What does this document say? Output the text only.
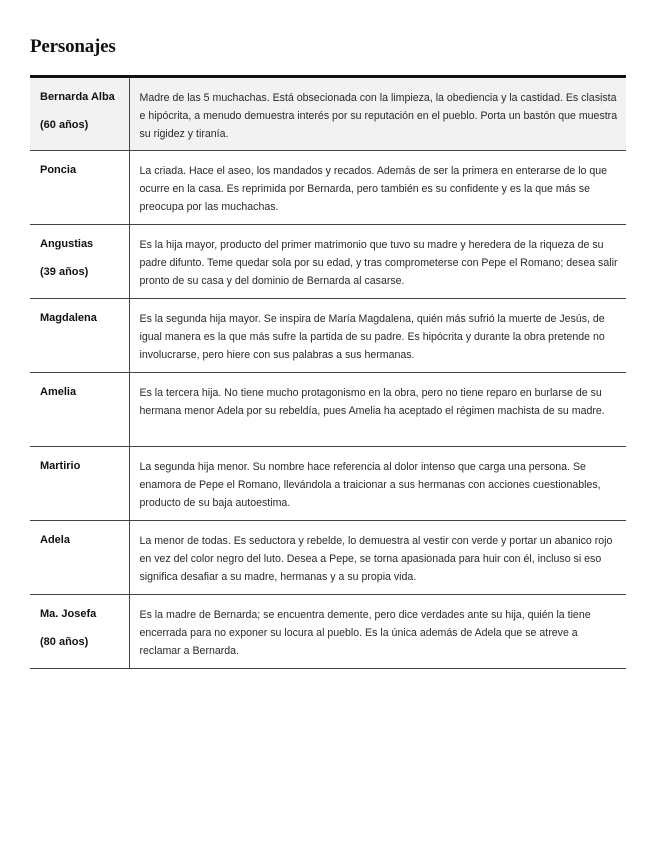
Personajes
Bernarda Alba
(60 años)	Madre de las 5 muchachas. Está obsecionada con la limpieza, la obediencia y la castidad. Es clasista e hipócrita, a menudo demuestra interés por su reputación en el pueblo. Porta un bastón que muestra su rigidez y tiranía.
Poncia	La criada. Hace el aseo, los mandados y recados. Además de ser la primera en enterarse de lo que ocurre en la casa. Es reprimida por Bernarda, pero también es su confidente y es la que más se preocupa por las muchachas.
Angustias
(39 años)	Es la hija mayor, producto del primer matrimonio que tuvo su madre y heredera de la riqueza de su padre difunto. Teme quedar sola por su edad, y tras comprometerse con Pepe el Romano; desea salir pronto de su casa y del dominio de Bernarda al casarse.
Magdalena	Es la segunda hija mayor. Se inspira de María Magdalena, quién más sufrió la muerte de Jesús, de igual manera es la que más sufre la partida de su padre. Es hipócrita y durante la obra pretende no involucrarse, pero hiere con sus palabras a sus hermanas.
Amelia	Es la tercera hija. No tiene mucho protagonismo en la obra, pero no tiene reparo en burlarse de su hermana menor Adela por su rebeldía, pues Amelia ha aceptado el régimen machista de su madre.
Martirio	La segunda hija menor. Su nombre hace referencia al dolor intenso que carga una persona. Se enamora de Pepe el Romano, llevándola a traicionar a sus hermanas con acciones cuestionables, producto de su baja autoestima.
Adela	La menor de todas. Es seductora y rebelde, lo demuestra al vestir con verde y portar un abanico rojo en vez del color negro del luto. Desea a Pepe, se torna apasionada para huir con él, incluso si eso significa desafiar a su madre, hermanas y a su propia vida.
Ma. Josefa
(80 años)	Es la madre de Bernarda; se encuentra demente, pero dice verdades ante su hija, quién la tiene encerrada para no exponer su locura al pueblo. Es la única además de Adela que se atreve a reclamar a Bernarda.
